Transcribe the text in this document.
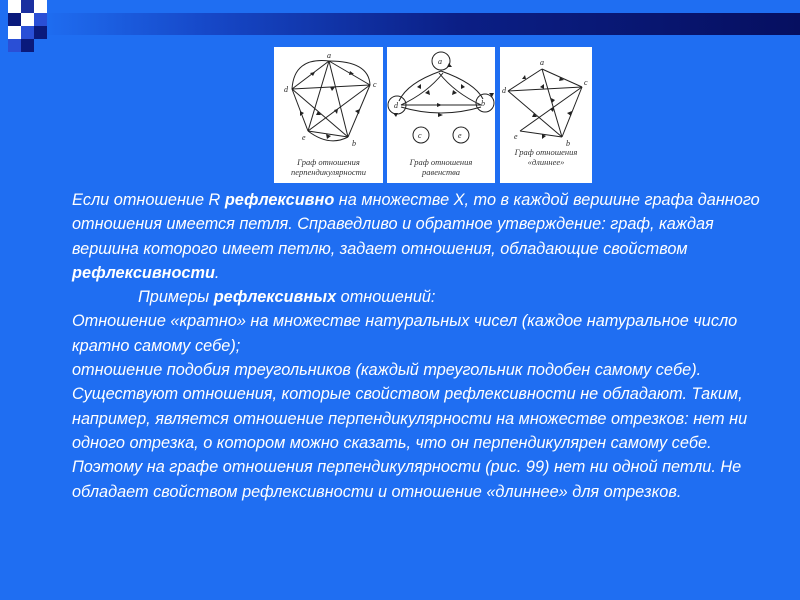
a
b
c
d
e
Граф отношения
перпендикулярности
a
b
c
d
e
Граф отношения
равенства
a
b
c
d
e
Граф отношения
«длиннее»

Если отношение R рефлексивно на множестве X, то в каждой вершине графа данного отношения имеется петля. Справедливо и обратное утверждение: граф, каждая вершина которого имеет петлю, задает отношения, обладающие свойством рефлексивности.

Примеры рефлексивных отношений:

Отношение «кратно» на множестве натуральных чисел (каждое натуральное число кратно самому себе);

отношение подобия треугольников (каждый треугольник подобен самому себе).

Существуют отношения, которые свойством рефлексивности не обладают. Таким, например, является отношение перпендикулярности на множестве отрезков: нет ни одного отрезка, о котором можно сказать, что он перпендикулярен самому себе. Поэтому на графе отношения перпендикулярности (рис. 99) нет ни одной петли. Не обладает свойством рефлексивности и отношение «длиннее» для отрезков.
